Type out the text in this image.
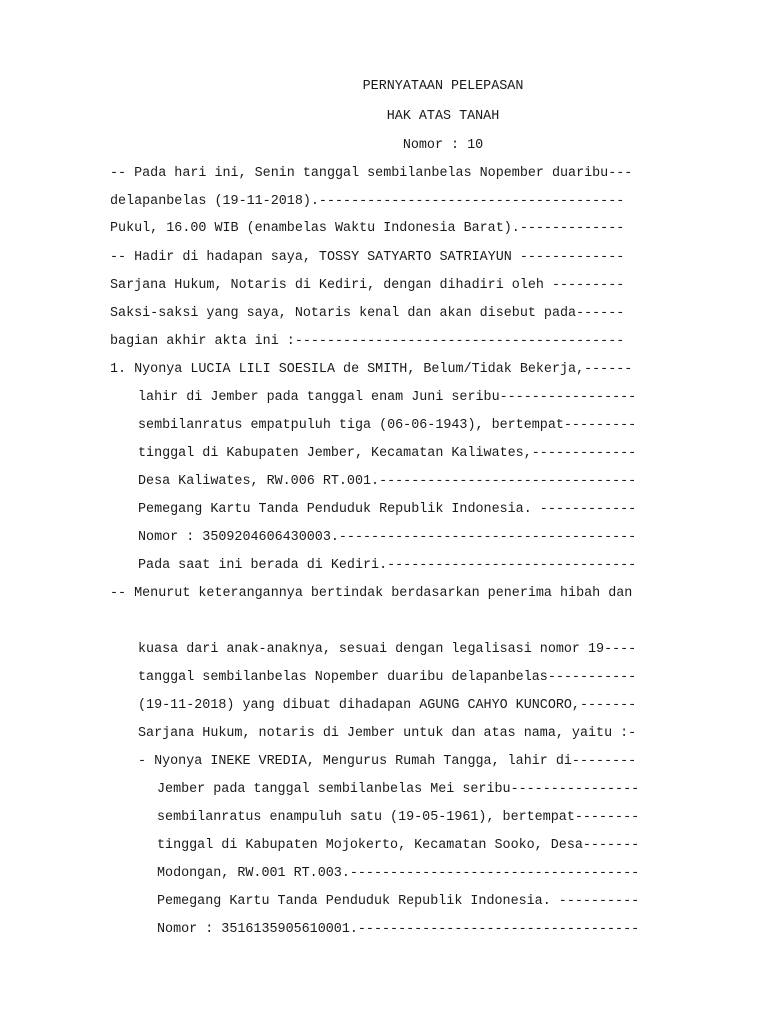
PERNYATAAN PELEPASAN
HAK ATAS TANAH
Nomor : 10
-- Pada hari ini, Senin tanggal sembilanbelas Nopember duaribu---
delapanbelas (19-11-2018).--------------------------------------
Pukul, 16.00 WIB (enambelas Waktu Indonesia Barat).-------------
-- Hadir di hadapan saya, TOSSY SATYARTO SATRIAYUN -------------
Sarjana Hukum, Notaris di Kediri, dengan dihadiri oleh ---------
Saksi-saksi yang saya, Notaris kenal dan akan disebut pada------
bagian akhir akta ini :-----------------------------------------
1. Nyonya LUCIA LILI SOESILA de SMITH, Belum/Tidak Bekerja,------
lahir di Jember pada tanggal enam Juni seribu-----------------
sembilanratus empatpuluh tiga (06-06-1943), bertempat---------
tinggal di Kabupaten Jember, Kecamatan Kaliwates,-------------
Desa Kaliwates, RW.006 RT.001.--------------------------------
Pemegang Kartu Tanda Penduduk Republik Indonesia. ------------
Nomor : 3509204606430003.-------------------------------------
Pada saat ini berada di Kediri.-------------------------------
-- Menurut keterangannya bertindak berdasarkan penerima hibah dan
kuasa dari anak-anaknya, sesuai dengan legalisasi nomor 19----
tanggal sembilanbelas Nopember duaribu delapanbelas-----------
(19-11-2018) yang dibuat dihadapan AGUNG CAHYO KUNCORO,-------
Sarjana Hukum, notaris di Jember untuk dan atas nama, yaitu :-
- Nyonya INEKE VREDIA, Mengurus Rumah Tangga, lahir di--------
Jember pada tanggal sembilanbelas Mei seribu----------------
sembilanratus enampuluh satu (19-05-1961), bertempat--------
tinggal di Kabupaten Mojokerto, Kecamatan Sooko, Desa-------
Modongan, RW.001 RT.003.------------------------------------
Pemegang Kartu Tanda Penduduk Republik Indonesia. ----------
Nomor : 3516135905610001.-----------------------------------
